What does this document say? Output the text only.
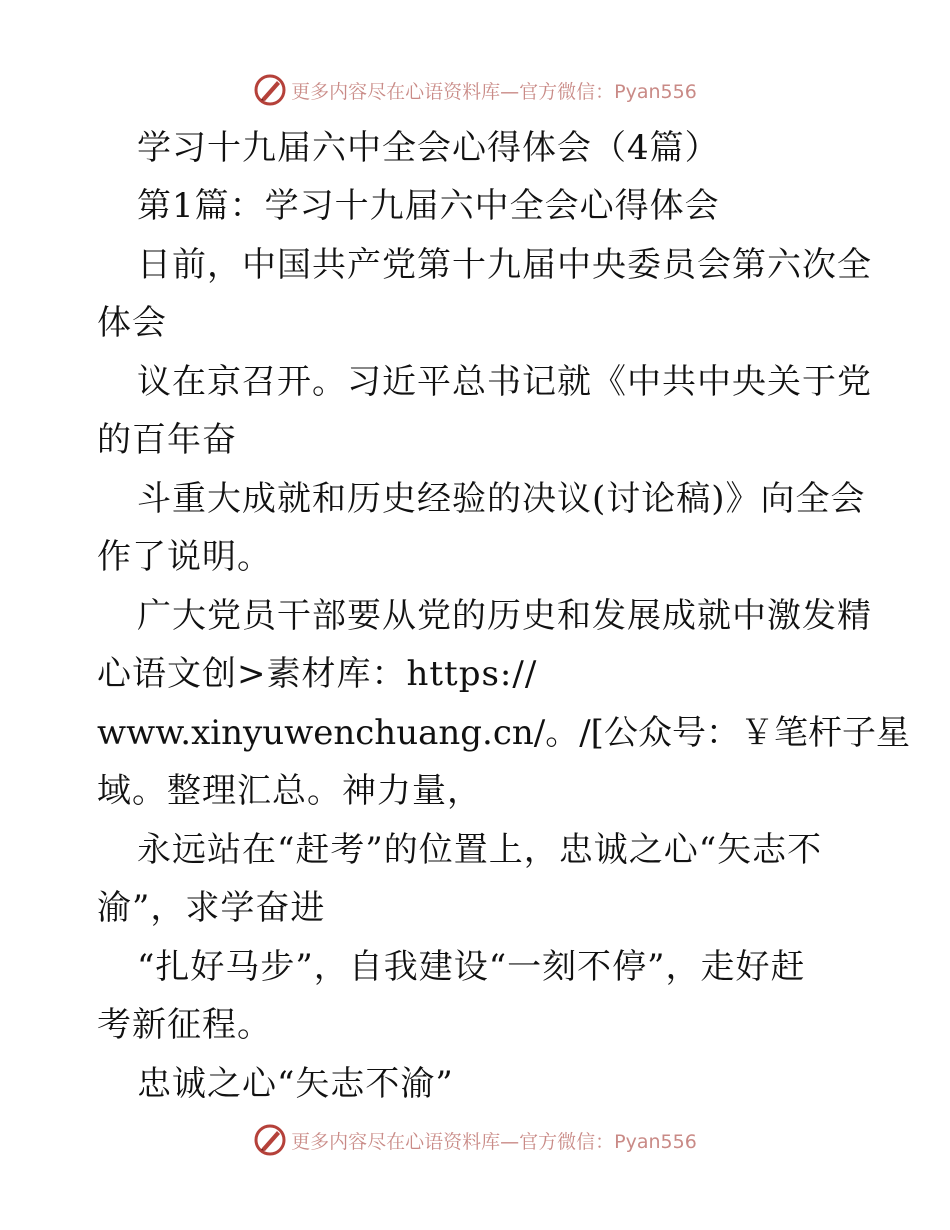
更多内容尽在心语资料库—官方微信：Pyan556

学习十九届六中全会心得体会（4篇）

第1篇：学习十九届六中全会心得体会

日前，中国共产党第十九届中央委员会第六次全

体会

议在京召开。习近平总书记就《中共中央关于党

的百年奋

斗重大成就和历史经验的决议(讨论稿)》向全会

作了说明。

广大党员干部要从党的历史和发展成就中激发精

心语文创>素材库：https://

www.xinyuwenchuang.cn/。/[公众号：￥笔杆子星

域。整理汇总。神力量，

永远站在“赶考”的位置上，忠诚之心“矢志不

渝”，求学奋进

“扎好马步”，自我建设“一刻不停”，走好赶

考新征程。

忠诚之心“矢志不渝”

更多内容尽在心语资料库—官方微信：Pyan556
